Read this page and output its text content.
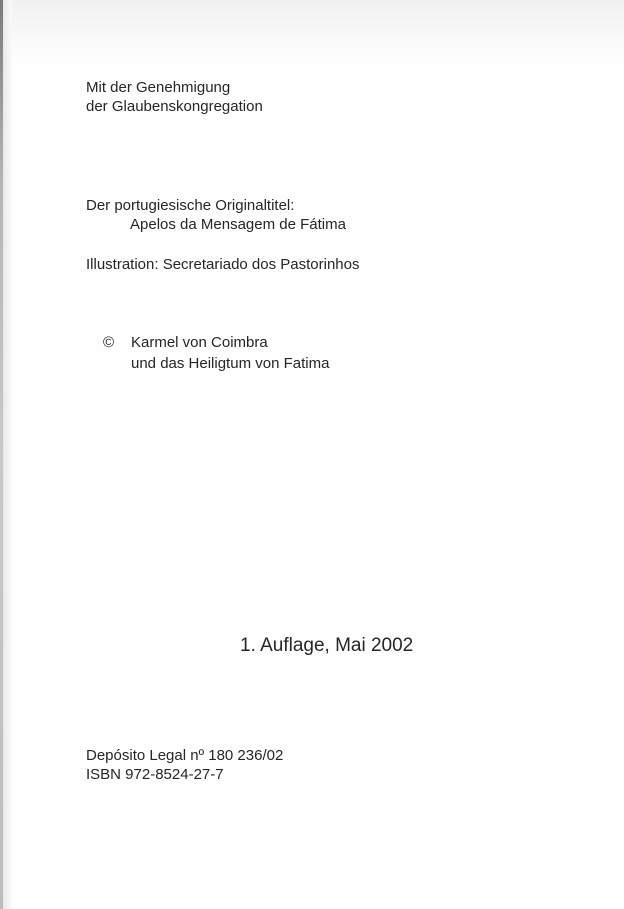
Mit der Genehmigung
der Glaubenskongregation
Der portugiesische Originaltitel:
Apelos da Mensagem de Fátima
Illustration: Secretariado dos Pastorinhos
© Karmel von Coimbra
und das Heiligtum von Fatima
1. Auflage, Mai 2002
Depósito Legal nº 180 236/02
ISBN 972-8524-27-7
